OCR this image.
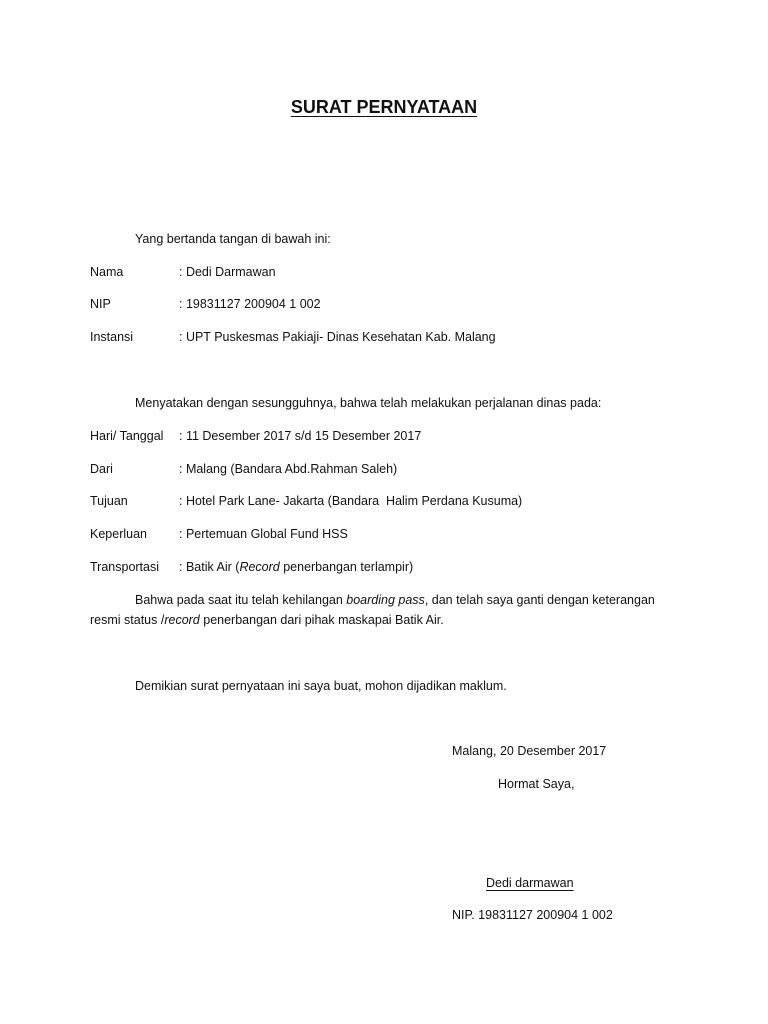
SURAT PERNYATAAN
Yang bertanda tangan di bawah ini:
Nama	: Dedi Darmawan
NIP	: 19831127 200904 1 002
Instansi	: UPT Puskesmas Pakiaji- Dinas Kesehatan Kab. Malang
Menyatakan dengan sesungguhnya, bahwa telah melakukan perjalanan dinas pada:
Hari/ Tanggal : 11 Desember 2017 s/d 15 Desember 2017
Dari	: Malang (Bandara Abd.Rahman Saleh)
Tujuan	: Hotel Park Lane- Jakarta (Bandara  Halim Perdana Kusuma)
Keperluan	: Pertemuan Global Fund HSS
Transportasi : Batik Air (Record penerbangan terlampir)
Bahwa pada saat itu telah kehilangan boarding pass, dan telah saya ganti dengan keterangan
resmi status /record penerbangan dari pihak maskapai Batik Air.
Demikian surat pernyataan ini saya buat, mohon dijadikan maklum.
Malang, 20 Desember 2017
Hormat Saya,
Dedi darmawan
NIP. 19831127 200904 1 002
